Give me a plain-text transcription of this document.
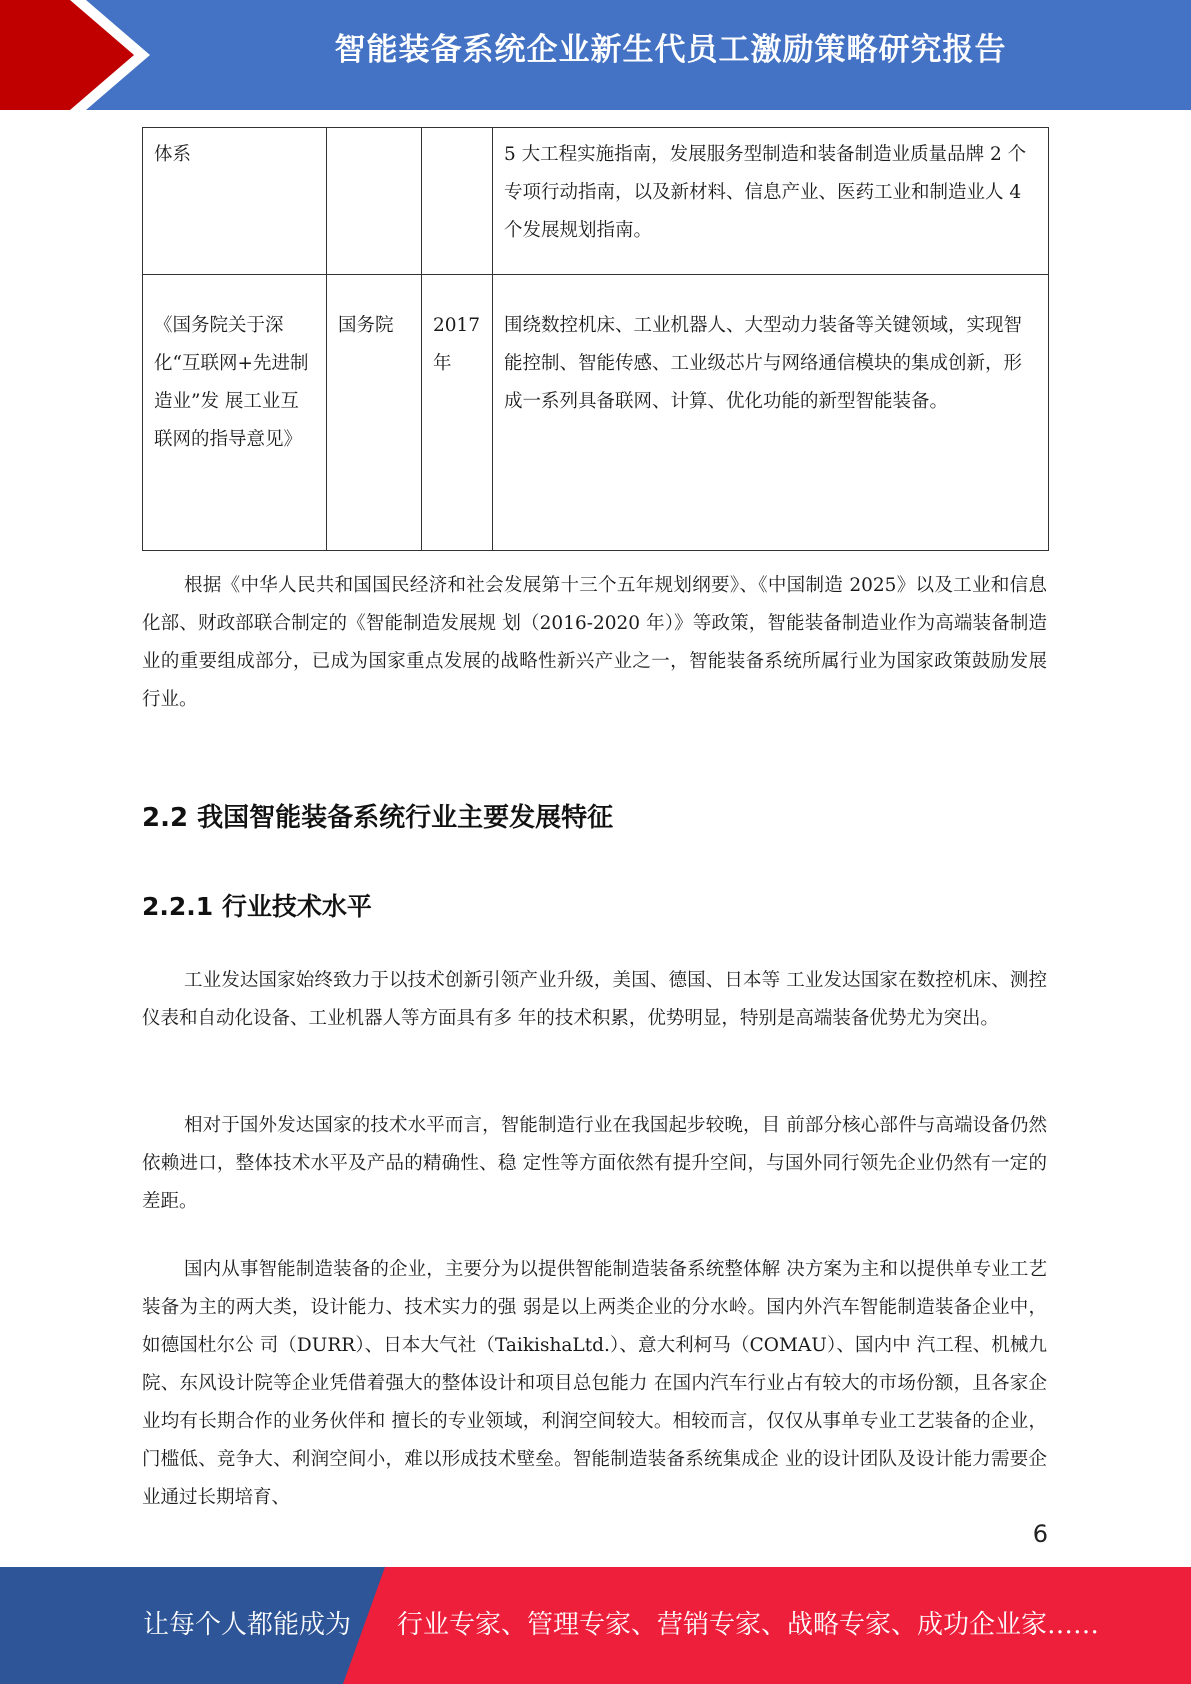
智能装备系统企业新生代员工激励策略研究报告
体系			5 大工程实施指南，发展服务型制造和装备制造业质量品牌 2 个专项行动指南，以及新材料、信息产业、医药工业和制造业人 4 个发展规划指南。
《国务院关于深化“互联网+先进制造业”发 展工业互联网的指导意见》	国务院	2017年	围绕数控机床、工业机器人、大型动力装备等关键领域，实现智能控制、智能传感、工业级芯片与网络通信模块的集成创新，形成一系列具备联网、计算、优化功能的新型智能装备。

根据《中华人民共和国国民经济和社会发展第十三个五年规划纲要》、《中国制造 2025》以及工业和信息化部、财政部联合制定的《智能制造发展规 划（2016-2020 年）》等政策，智能装备制造业作为高端装备制造业的重要组成部分，已成为国家重点发展的战略性新兴产业之一，智能装备系统所属行业为国家政策鼓励发展行业。

2.2 我国智能装备系统行业主要发展特征
2.2.1 行业技术水平

工业发达国家始终致力于以技术创新引领产业升级，美国、德国、日本等 工业发达国家在数控机床、测控仪表和自动化设备、工业机器人等方面具有多 年的技术积累，优势明显，特别是高端装备优势尤为突出。

相对于国外发达国家的技术水平而言，智能制造行业在我国起步较晚，目 前部分核心部件与高端设备仍然依赖进口，整体技术水平及产品的精确性、稳 定性等方面依然有提升空间，与国外同行领先企业仍然有一定的差距。

国内从事智能制造装备的企业，主要分为以提供智能制造装备系统整体解 决方案为主和以提供单专业工艺装备为主的两大类，设计能力、技术实力的强 弱是以上两类企业的分水岭。国内外汽车智能制造装备企业中，如德国杜尔公 司（DURR）、日本大气社（TaikishaLtd.）、意大利柯马（COMAU）、国内中 汽工程、机械九院、东风设计院等企业凭借着强大的整体设计和项目总包能力 在国内汽车行业占有较大的市场份额，且各家企业均有长期合作的业务伙伴和 擅长的专业领域，利润空间较大。相较而言，仅仅从事单专业工艺装备的企业，门槛低、竞争大、利润空间小，难以形成技术壁垒。智能制造装备系统集成企 业的设计团队及设计能力需要企业通过长期培育、

6
让每个人都能成为 行业专家、管理专家、营销专家、战略专家、成功企业家……
